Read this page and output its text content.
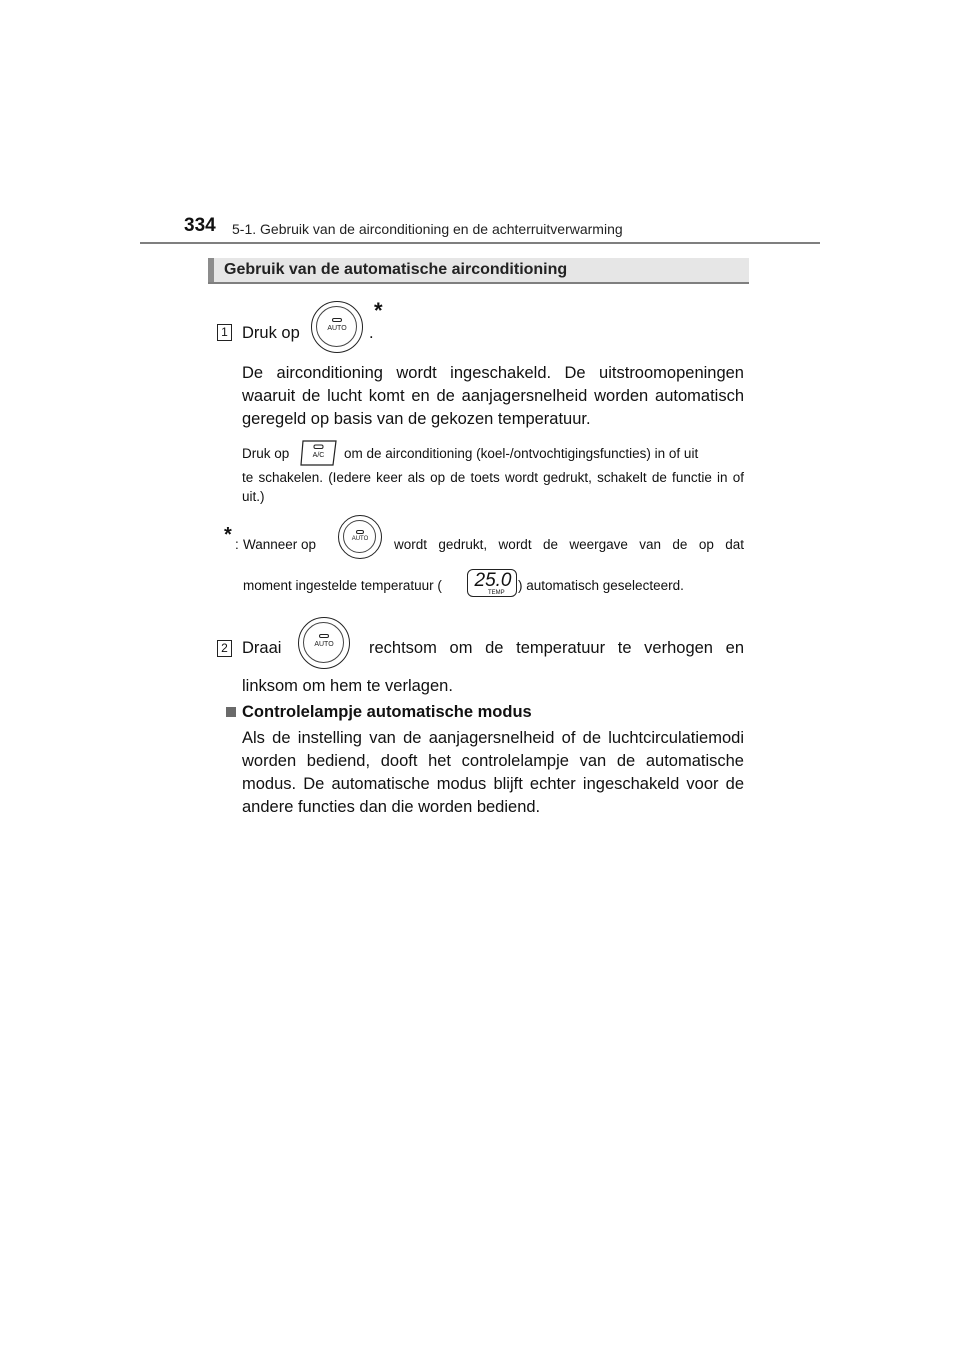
334 5-1. Gebruik van de airconditioning en de achterruitverwarming
Gebruik van de automatische airconditioning
1 Druk op	AUTO
*
.
De airconditioning wordt ingeschakeld. De uitstroomopeningen waaruit de lucht komt en de aanjagersnelheid worden automatisch geregeld op basis van de gekozen temperatuur.
Druk op	A/C	om de airconditioning (koel-/ontvochtigingsfuncties) in of uit
te schakelen. (Iedere keer als op de toets wordt gedrukt, schakelt de functie in of uit.)
* : Wanneer op	AUTO	wordt gedrukt, wordt de weergave van de op dat
moment ingestelde temperatuur (	25.0
TEMP ) automatisch geselecteerd.
2 Draai	AUTO	rechtsom om de temperatuur te verhogen en
linksom om hem te verlagen.
Controlelampje automatische modus
Als de instelling van de aanjagersnelheid of de luchtcirculatiemodi worden bediend, dooft het controlelampje van de automatische modus. De automatische modus blijft echter ingeschakeld voor de andere functies dan die worden bediend.
